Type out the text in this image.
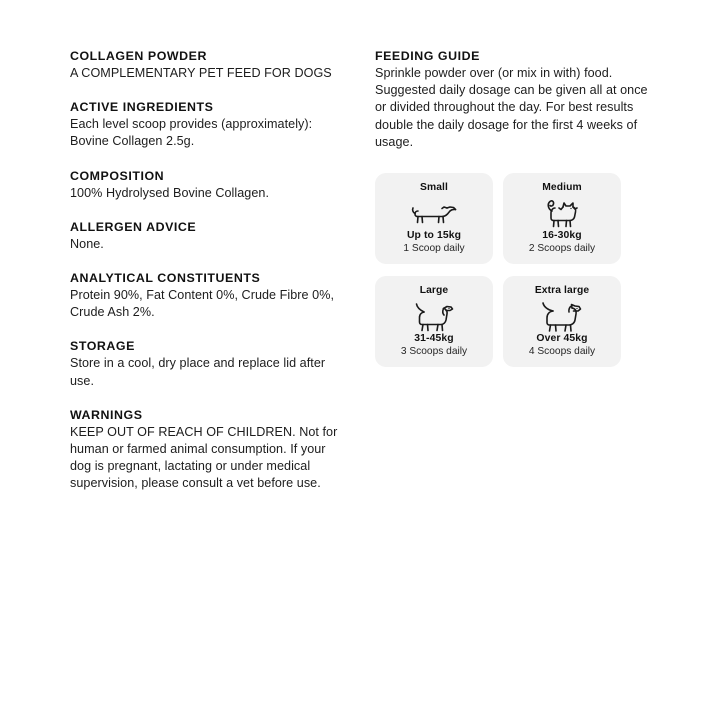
COLLAGEN POWDER

A COMPLEMENTARY PET FEED FOR DOGS

ACTIVE INGREDIENTS

Each level scoop provides (approximately): Bovine Collagen 2.5g.

COMPOSITION

100% Hydrolysed Bovine Collagen.

ALLERGEN ADVICE

None.

ANALYTICAL CONSTITUENTS

Protein 90%, Fat Content 0%, Crude Fibre 0%, Crude Ash 2%.

STORAGE

Store in a cool, dry place and replace lid after use.

WARNINGS

KEEP OUT OF REACH OF CHILDREN. Not for human or farmed animal consumption. If your dog is pregnant, lactating or under medical supervision, please consult a vet before use.

FEEDING GUIDE

Sprinkle powder over (or mix in with) food. Suggested daily dosage can be given all at once or divided throughout the day. For best results double the daily dosage for the first 4 weeks of usage.

Small

Up to 15kg

1 Scoop daily

Medium

16-30kg

2 Scoops daily

Large

31-45kg

3 Scoops daily

Extra large

Over 45kg

4 Scoops daily
